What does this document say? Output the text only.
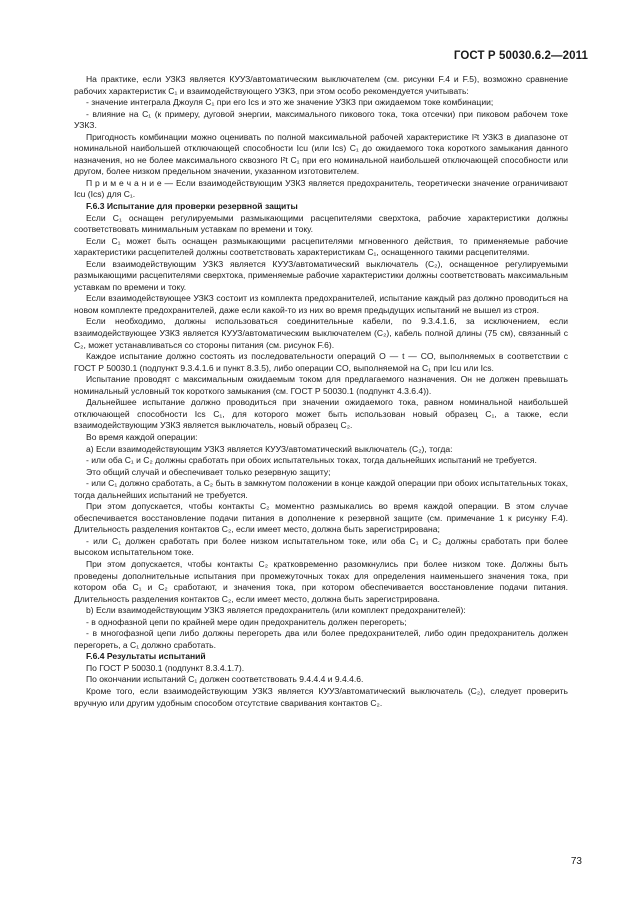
ГОСТ Р 50030.6.2—2011

На практике, если УЗКЗ является КУУЗ/автоматическим выключателем (см. рисунки F.4 и F.5), возможно сравнение рабочих характеристик C₁ и взаимодействующего УЗКЗ, при этом особо рекомендуется учитывать:

- значение интеграла Джоуля C₁ при его Iсs и это же значение УЗКЗ при ожидаемом токе комбинации;

- влияние на C₁ (к примеру, дуговой энергии, максимального пикового тока, тока отсечки) при пиковом рабочем токе УЗКЗ.

Пригодность комбинации можно оценивать по полной максимальной рабочей характеристике I²t УЗКЗ в диапазоне от номинальной наибольшей отключающей способности Icu (или Ics) C₁ до ожидаемого тока короткого замыкания данного назначения, но не более максимального сквозного I²t C₁ при его номинальной наибольшей отключающей способности или другом, более низком предельном значении, указанном изготовителем.

П р и м е ч а н и е — Если взаимодействующим УЗКЗ является предохранитель, теоретически значение ограничивают Icu (Ics) для C₁.

F.6.3 Испытание для проверки резервной защиты

Если C₁ оснащен регулируемыми размыкающими расцепителями сверхтока, рабочие характеристики должны соответствовать минимальным уставкам по времени и току.

Если C₁ может быть оснащен размыкающими расцепителями мгновенного действия, то применяемые рабочие характеристики расцепителей должны соответствовать характеристикам C₁, оснащенного такими расцепителями.

Если взаимодействующим УЗКЗ является КУУЗ/автоматический выключатель (C₂), оснащенное регулируемыми размыкающими расцепителями сверхтока, применяемые рабочие характеристики должны соответствовать максимальным уставкам по времени и току.

Если взаимодействующее УЗКЗ состоит из комплекта предохранителей, испытание каждый раз должно проводиться на новом комплекте предохранителей, даже если какой-то из них во время предыдущих испытаний не вышел из строя.

Если необходимо, должны использоваться соединительные кабели, по 9.3.4.1.6, за исключением, если взаимодействующее УЗКЗ является КУУЗ/автоматическим выключателем (C₂), кабель полной длины (75 см), связанный с C₂, может устанавливаться со стороны питания (см. рисунок F.6).

Каждое испытание должно состоять из последовательности операций O — t — CO, выполняемых в соответствии с ГОСТ Р 50030.1 (подпункт 9.3.4.1.6 и пункт 8.3.5), либо операции CO, выполняемой на C₁ при Icu или Ics.

Испытание проводят с максимальным ожидаемым током для предлагаемого назначения. Он не должен превышать номинальный условный ток короткого замыкания (см. ГОСТ Р 50030.1 (подпункт 4.3.6.4)).

Дальнейшее испытание должно проводиться при значении ожидаемого тока, равном номинальной наибольшей отключающей способности Ics C₁, для которого может быть использован новый образец C₁, а также, если взаимодействующим УЗКЗ является выключатель, новый образец C₂.

Во время каждой операции:

а) Если взаимодействующим УЗКЗ является КУУЗ/автоматический выключатель (C₂), тогда:

- или оба C₁ и C₂ должны сработать при обоих испытательных токах, тогда дальнейших испытаний не требуется.

Это общий случай и обеспечивает только резервную защиту;

- или C₁ должно сработать, а C₂ быть в замкнутом положении в конце каждой операции при обоих испытательных токах, тогда дальнейших испытаний не требуется.

При этом допускается, чтобы контакты C₂ моментно размыкались во время каждой операции. В этом случае обеспечивается восстановление подачи питания в дополнение к резервной защите (см. примечание 1 к рисунку F.4). Длительность разделения контактов C₂, если имеет место, должна быть зарегистрирована;

- или C₁ должен сработать при более низком испытательном токе, или оба C₁ и C₂ должны сработать при более высоком испытательном токе.

При этом допускается, чтобы контакты C₂ кратковременно разомкнулись при более низком токе. Должны быть проведены дополнительные испытания при промежуточных токах для определения наименьшего значения тока, при котором оба C₁ и C₂ сработают, и значения тока, при котором обеспечивается восстановление подачи питания. Длительность разделения контактов C₂, если имеет место, должна быть зарегистрирована.

b) Если взаимодействующим УЗКЗ является предохранитель (или комплект предохранителей):

- в однофазной цепи по крайней мере один предохранитель должен перегореть;

- в многофазной цепи либо должны перегореть два или более предохранителей, либо один предохранитель должен перегореть, а C₁ должно сработать.

F.6.4 Результаты испытаний

По ГОСТ Р 50030.1 (подпункт 8.3.4.1.7).

По окончании испытаний C₁ должен соответствовать 9.4.4.4 и 9.4.4.6.

Кроме того, если взаимодействующим УЗКЗ является КУУЗ/автоматический выключатель (C₂), следует проверить вручную или другим удобным способом отсутствие сваривания контактов C₂.

73
